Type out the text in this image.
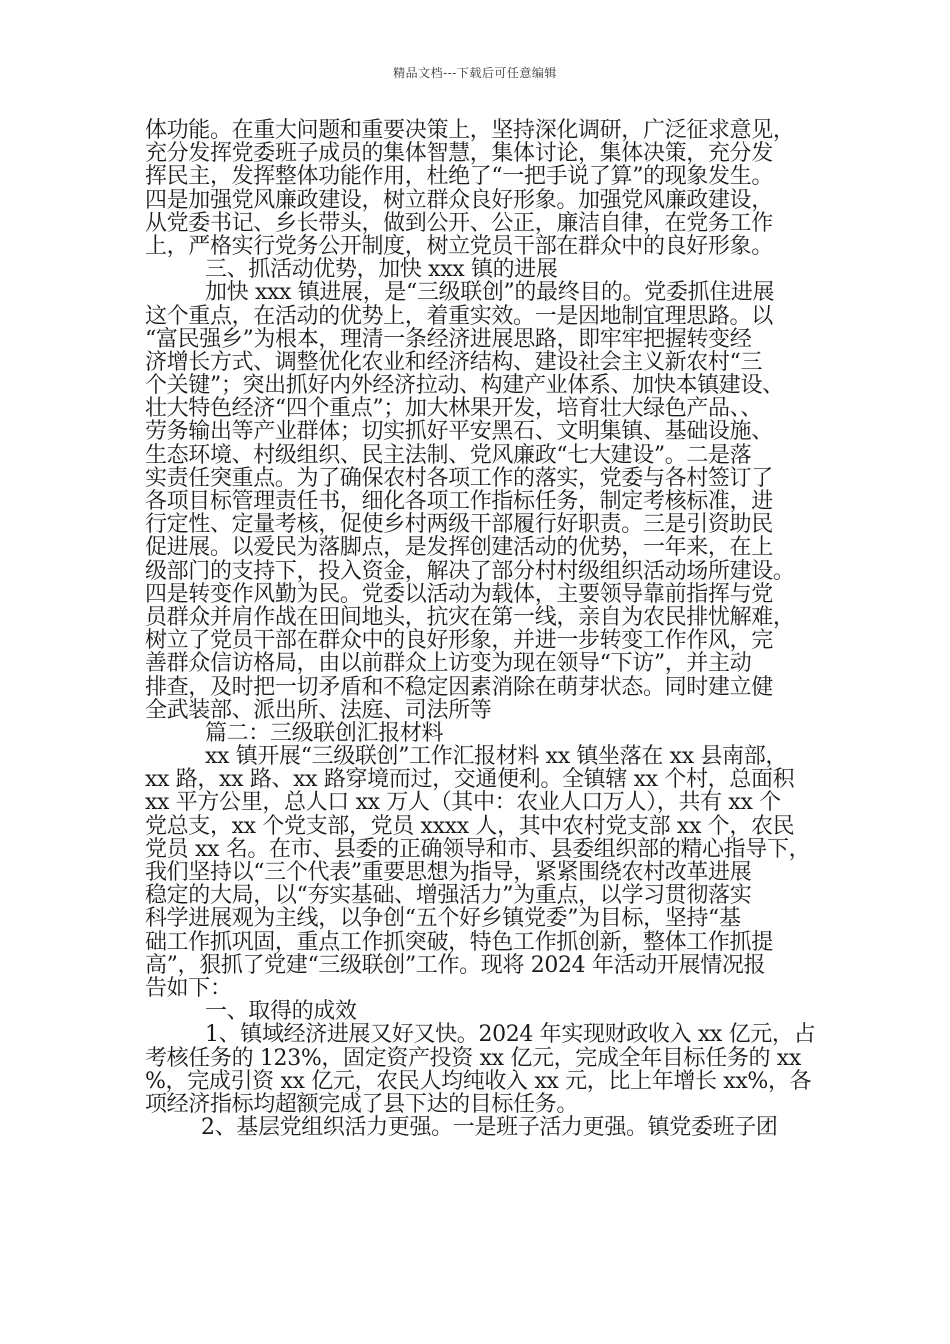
精品文档---下载后可任意编辑

体功能。在重大问题和重要决策上，坚持深化调研，广泛征求意见，

充分发挥党委班子成员的集体智慧，集体讨论，集体决策，充分发

挥民主，发挥整体功能作用，杜绝了“一把手说了算”的现象发生。

四是加强党风廉政建设，树立群众良好形象。加强党风廉政建设，

从党委书记、乡长带头，做到公开、公正，廉洁自律，在党务工作

上，严格实行党务公开制度，树立党员干部在群众中的良好形象。

三、抓活动优势，加快 xxx 镇的进展

加快 xxx 镇进展，是“三级联创”的最终目的。党委抓住进展

这个重点，在活动的优势上，着重实效。一是因地制宜理思路。以

“富民强乡”为根本，理清一条经济进展思路，即牢牢把握转变经

济增长方式、调整优化农业和经济结构、建设社会主义新农村“三

个关键”；突出抓好内外经济拉动、构建产业体系、加快本镇建设、

壮大特色经济“四个重点”；加大林果开发，培育壮大绿色产品、、

劳务输出等产业群体；切实抓好平安黑石、文明集镇、基础设施、

生态环境、村级组织、民主法制、党风廉政“七大建设”。二是落

实责任突重点。为了确保农村各项工作的落实，党委与各村签订了

各项目标管理责任书，细化各项工作指标任务，制定考核标准，进

行定性、定量考核，促使乡村两级干部履行好职责。三是引资助民

促进展。以爱民为落脚点，是发挥创建活动的优势，一年来，在上

级部门的支持下，投入资金，解决了部分村村级组织活动场所建设。

四是转变作风勤为民。党委以活动为载体，主要领导靠前指挥与党

员群众并肩作战在田间地头，抗灾在第一线，亲自为农民排忧解难，

树立了党员干部在群众中的良好形象，并进一步转变工作作风，完

善群众信访格局，由以前群众上访变为现在领导“下访”，并主动

排查，及时把一切矛盾和不稳定因素消除在萌芽状态。同时建立健

全武装部、派出所、法庭、司法所等

篇二：三级联创汇报材料

xx 镇开展“三级联创”工作汇报材料 xx 镇坐落在 xx 县南部，

xx 路，xx 路、xx 路穿境而过，交通便利。全镇辖 xx 个村，总面积

xx 平方公里，总人口 xx 万人（其中：农业人口万人），共有 xx 个

党总支，xx 个党支部，党员 xxxx 人，其中农村党支部 xx 个，农民

党员 xx 名。在市、县委的正确领导和市、县委组织部的精心指导下，

我们坚持以“三个代表”重要思想为指导，紧紧围绕农村改革进展

稳定的大局，以“夯实基础、增强活力”为重点，以学习贯彻落实

科学进展观为主线，以争创“五个好乡镇党委”为目标，坚持“基

础工作抓巩固，重点工作抓突破，特色工作抓创新，整体工作抓提

高”，狠抓了党建“三级联创”工作。现将 2024 年活动开展情况报

告如下：

一、取得的成效

1、镇域经济进展又好又快。2024 年实现财政收入 xx 亿元，占

考核任务的 123%，固定资产投资 xx 亿元，完成全年目标任务的 xx

%，完成引资 xx 亿元，农民人均纯收入 xx 元，比上年增长 xx%，各

项经济指标均超额完成了县下达的目标任务。

2、基层党组织活力更强。一是班子活力更强。镇党委班子团
